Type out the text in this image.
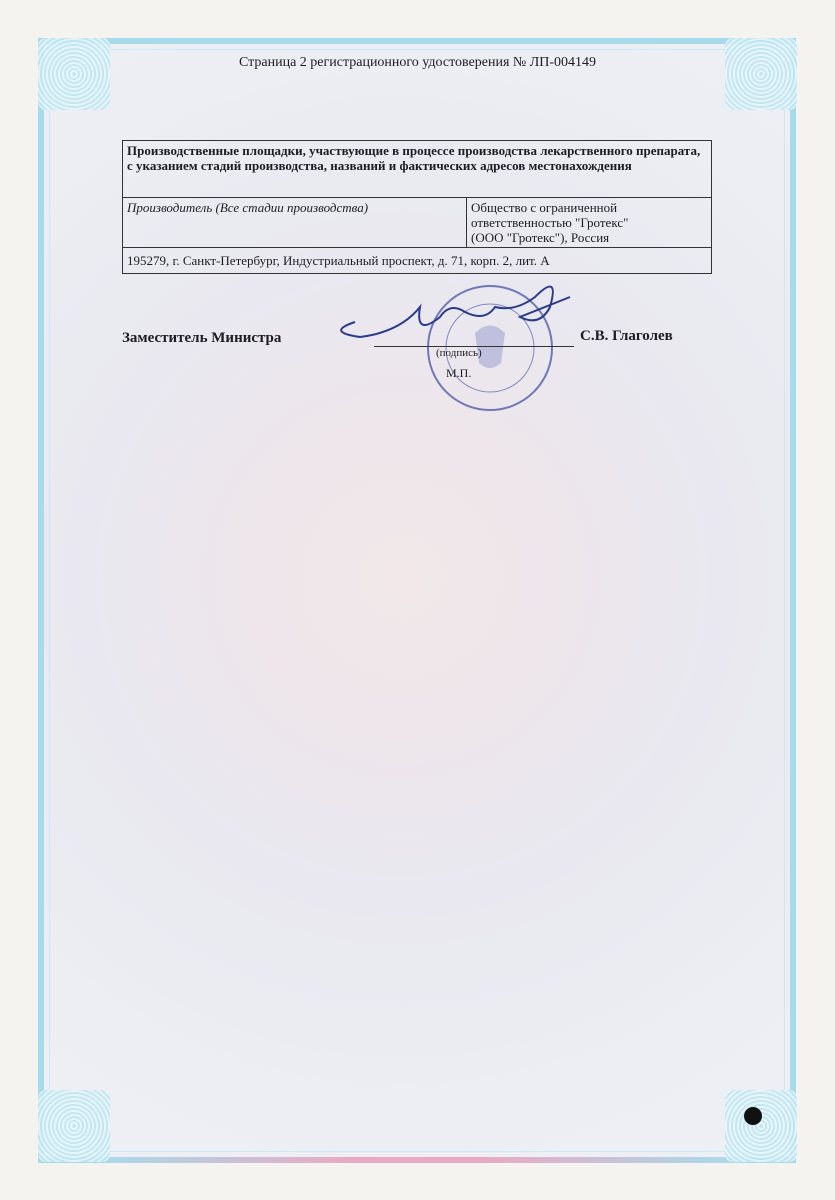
Страница 2 регистрационного удостоверения № ЛП-004149
Производственные площадки, участвующие в процессе производства лекарственного препарата, с указанием стадий производства, названий и фактических адресов местонахождения
Производитель (Все стадии производства)	Общество с ограниченной
ответственностью "Гротекс"
(ООО "Гротекс"), Россия

195279, г. Санкт-Петербург, Индустриальный проспект, д. 71, корп. 2, лит. А
Заместитель Министра
(подпись)
М.П.
С.В. Глаголев
